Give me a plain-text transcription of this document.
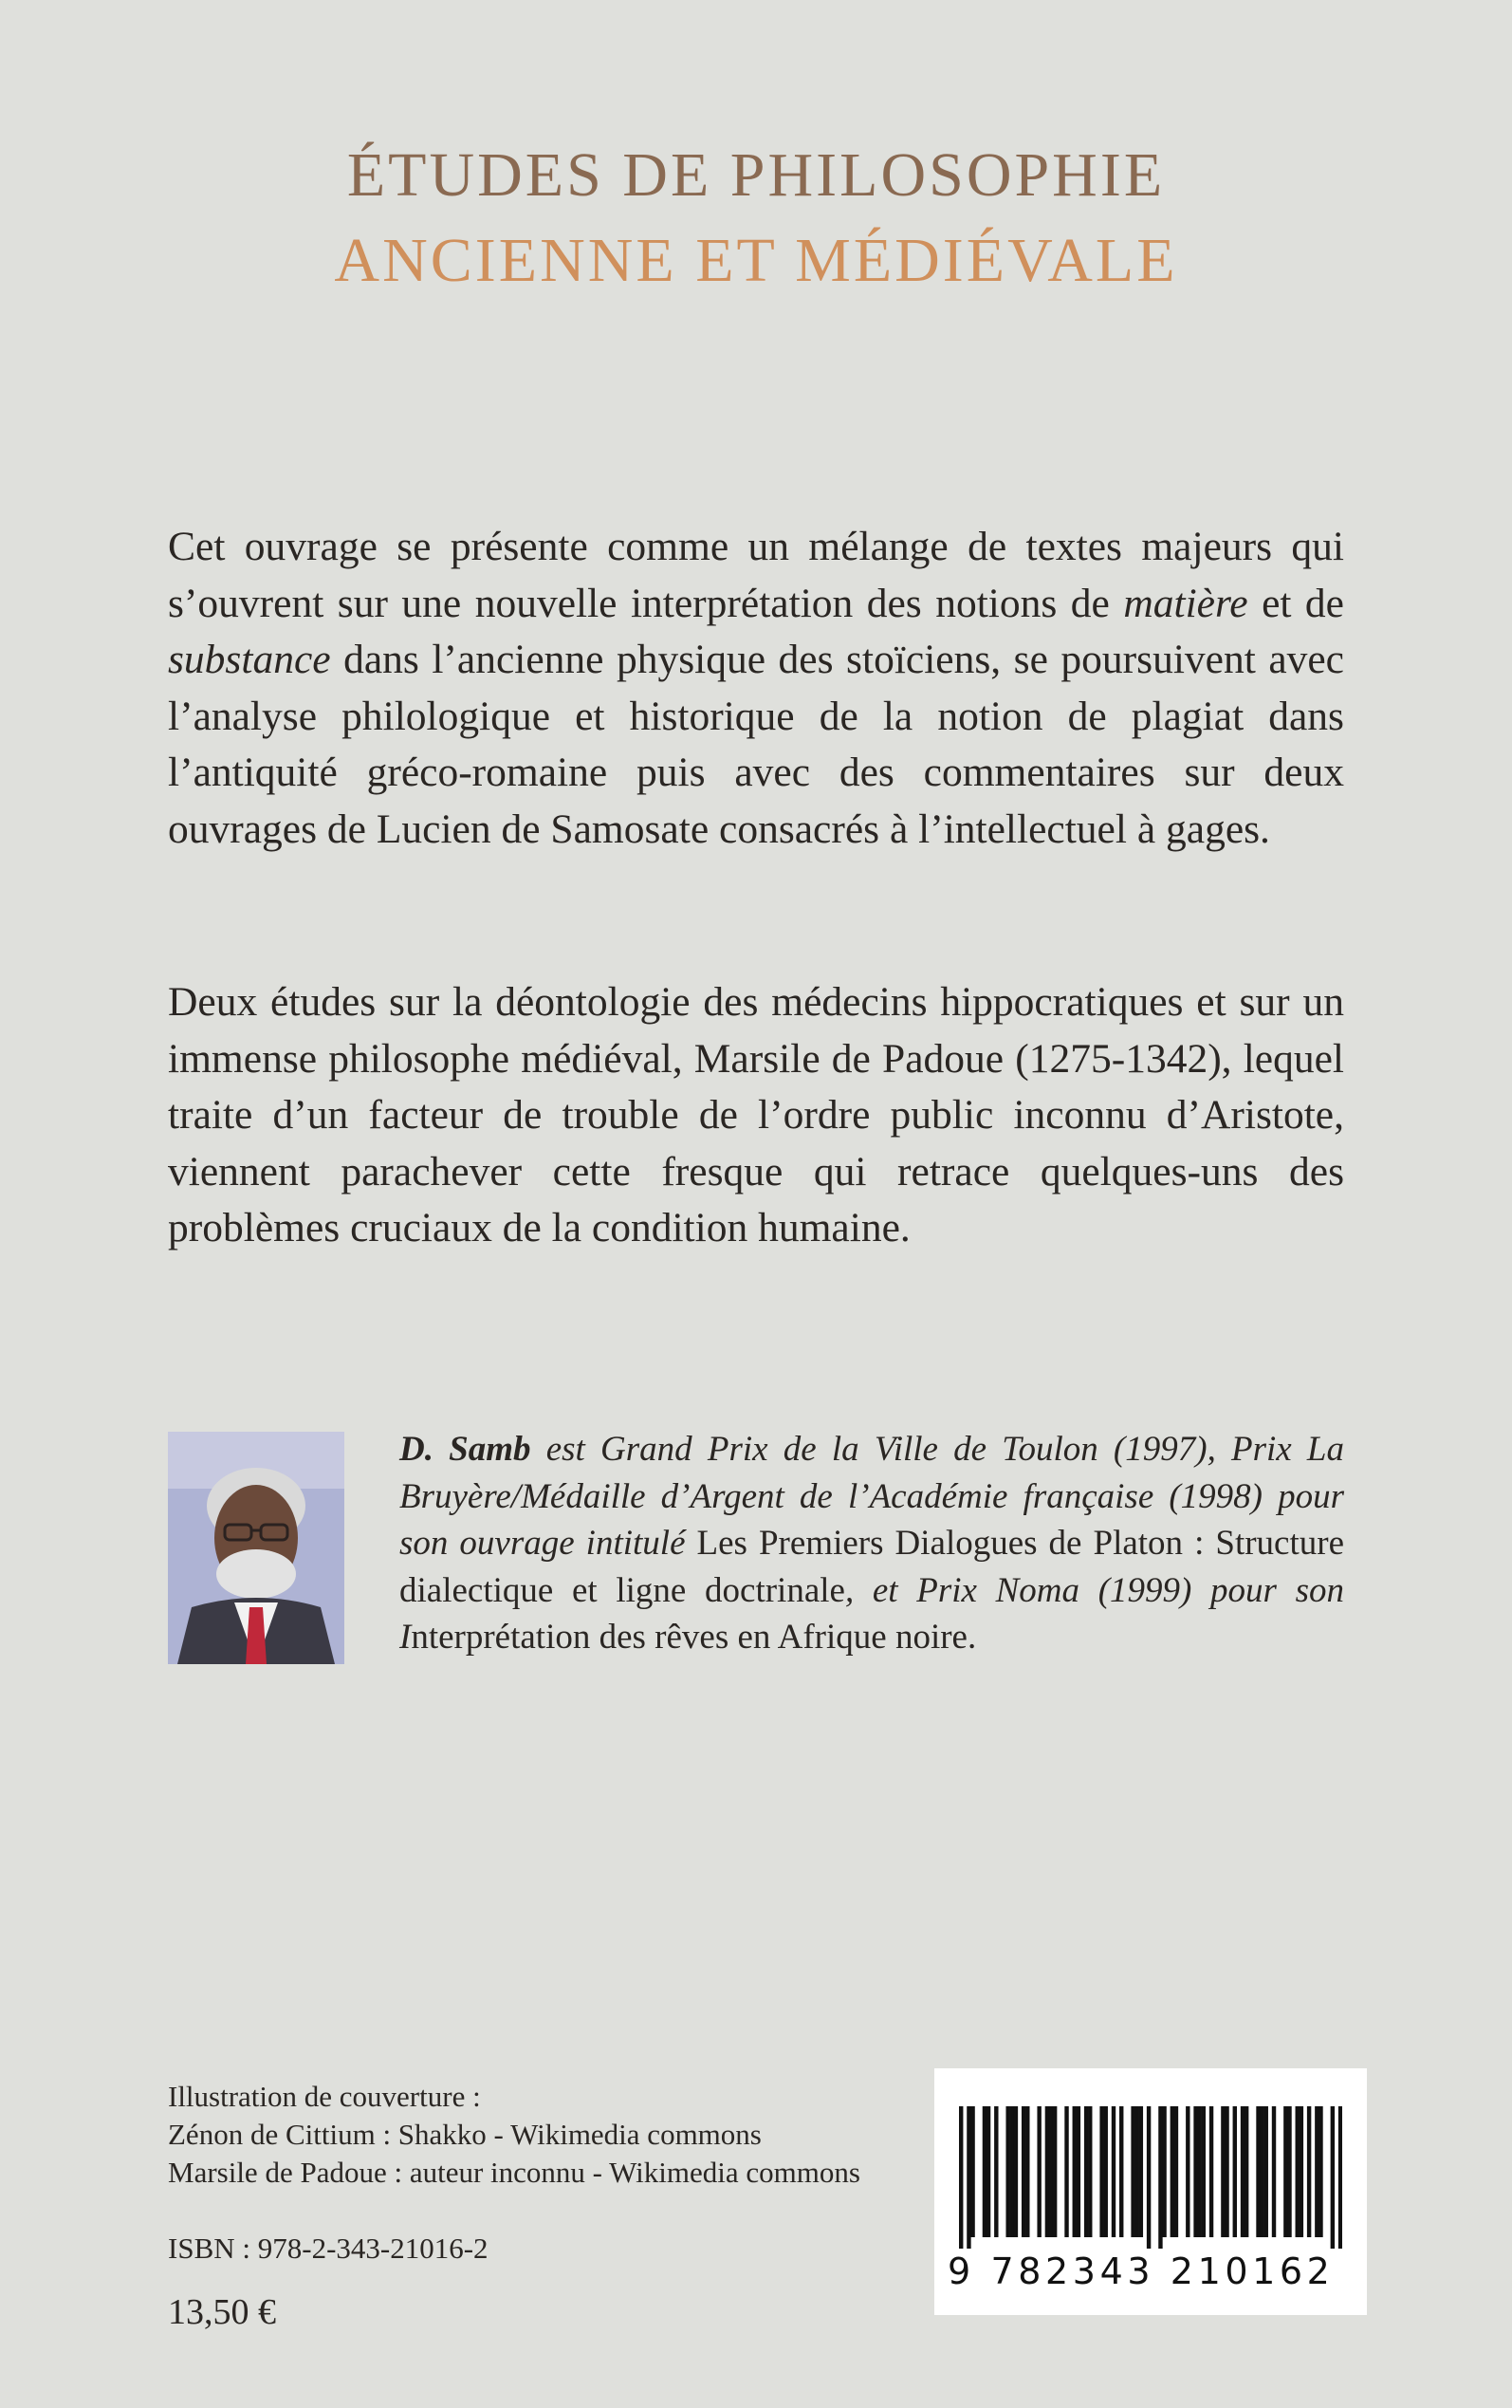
ÉTUDES DE PHILOSOPHIE
ANCIENNE ET MÉDIÉVALE

Cet ouvrage se présente comme un mélange de textes majeurs qui s’ouvrent sur une nouvelle interprétation des notions de matière et de substance dans l’ancienne physique des stoïciens, se poursuivent avec l’analyse philologique et historique de la notion de plagiat dans l’antiquité gréco-romaine puis avec des commentaires sur deux ouvrages de Lucien de Samosate consacrés à l’intellectuel à gages.

Deux études sur la déontologie des médecins hippocratiques et sur un immense philosophe médiéval, Marsile de Padoue (1275-1342), lequel traite d’un facteur de trouble de l’ordre public inconnu d’Aristote, viennent parachever cette fresque qui retrace quelques-uns des problèmes cruciaux de la condition humaine.

D. Samb est Grand Prix de la Ville de Toulon (1997), Prix La Bruyère/Médaille d’Argent de l’Académie française (1998) pour son ouvrage intitulé Les Premiers Dialogues de Platon : Structure dialectique et ligne doctrinale, et Prix Noma (1999) pour son Interprétation des rêves en Afrique noire.
Illustration de couverture :
Zénon de Cittium : Shakko - Wikimedia commons
Marsile de Padoue : auteur inconnu - Wikimedia commons
ISBN : 978-2-343-21016-2
13,50 €
9 782343 210162
